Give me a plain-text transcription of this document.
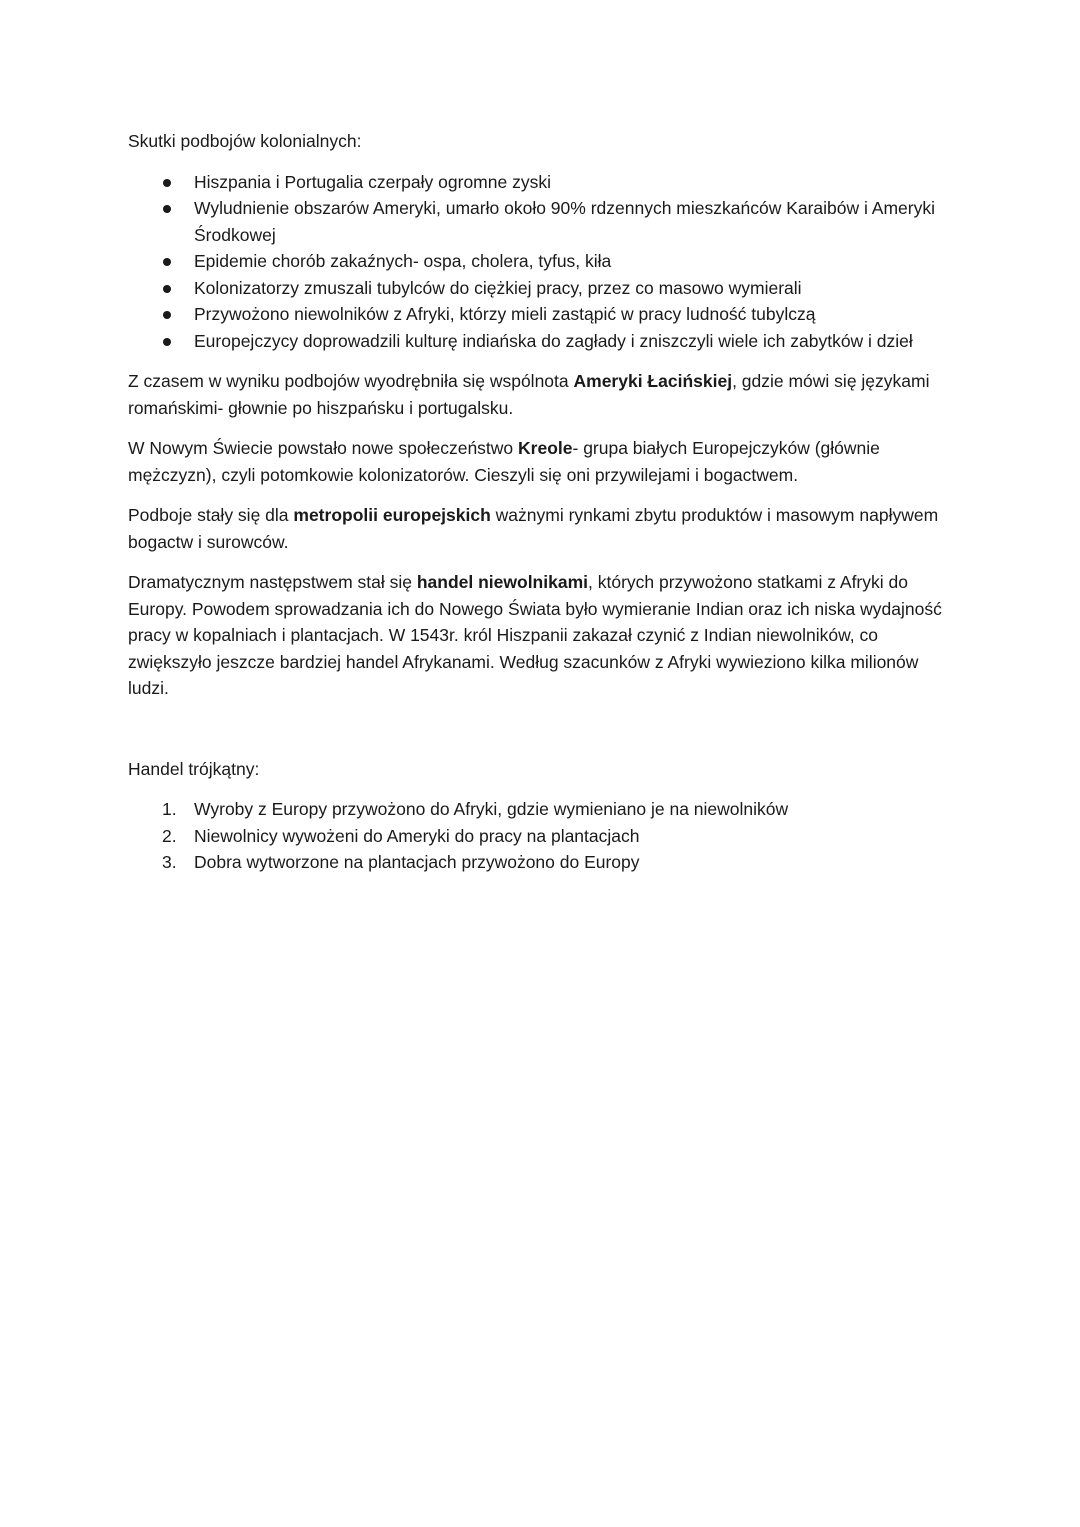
Skutki podbojów kolonialnych:
Hiszpania i Portugalia czerpały ogromne zyski
Wyludnienie obszarów Ameryki, umarło około 90% rdzennych mieszkańców Karaibów i Ameryki Środkowej
Epidemie chorób zakaźnych- ospa, cholera, tyfus, kiła
Kolonizatorzy zmuszali tubylców do ciężkiej pracy, przez co masowo wymierali
Przywożono niewolników z Afryki, którzy mieli zastąpić w pracy ludność tubylczą
Europejczycy doprowadzili kulturę indiańska do zagłady i zniszczyli wiele ich zabytków i dzieł

Z czasem w wyniku podbojów wyodrębniła się wspólnota Ameryki Łacińskiej, gdzie mówi się językami romańskimi- głownie po hiszpańsku i portugalsku.

W Nowym Świecie powstało nowe społeczeństwo Kreole- grupa białych Europejczyków (głównie mężczyzn), czyli potomkowie kolonizatorów. Cieszyli się oni przywilejami i bogactwem.

Podboje stały się dla metropolii europejskich ważnymi rynkami zbytu produktów i masowym napływem bogactw i surowców.

Dramatycznym następstwem stał się handel niewolnikami, których przywożono statkami z Afryki do Europy. Powodem sprowadzania ich do Nowego Świata było wymieranie Indian oraz ich niska wydajność pracy w kopalniach i plantacjach. W 1543r. król Hiszpanii zakazał czynić z Indian niewolników, co zwiększyło jeszcze bardziej handel Afrykanami. Według szacunków z Afryki wywieziono kilka milionów ludzi.

Handel trójkątny:
1. Wyroby z Europy przywożono do Afryki, gdzie wymieniano je na niewolników
2. Niewolnicy wywożeni do Ameryki do pracy na plantacjach
3. Dobra wytworzone na plantacjach przywożono do Europy
